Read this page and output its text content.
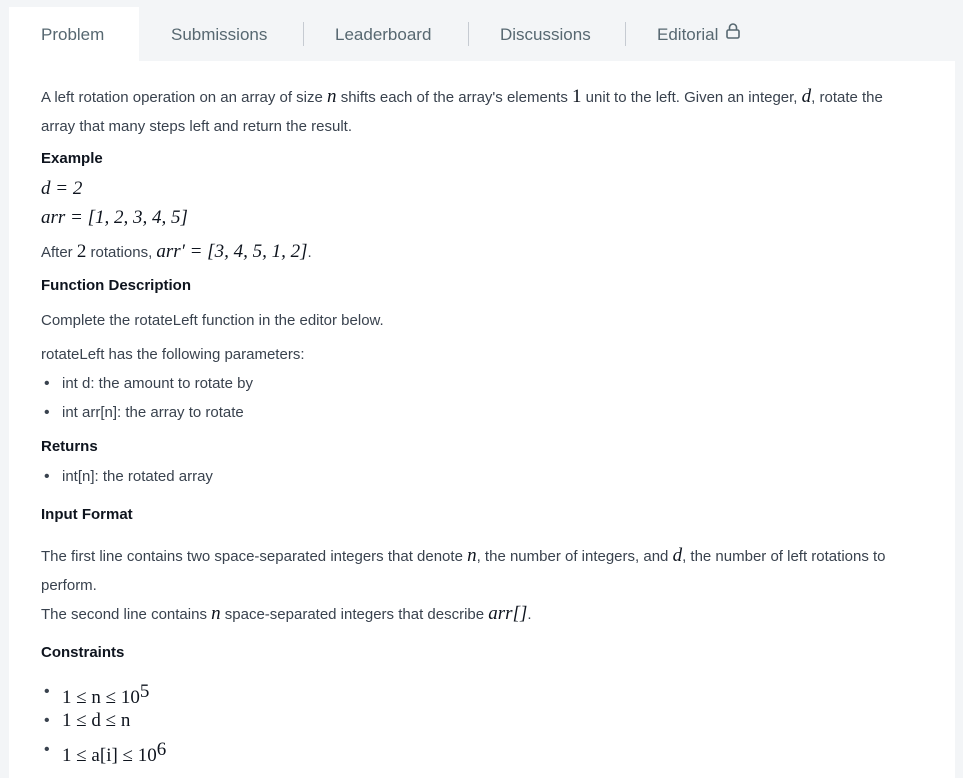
Problem	Submissions	Leaderboard	Discussions	Editorial
A left rotation operation on an array of size n shifts each of the array's elements 1 unit to the left. Given an integer, d, rotate the array that many steps left and return the result.
Example
d = 2
arr = [1, 2, 3, 4, 5]
After 2 rotations, arr′ = [3, 4, 5, 1, 2].
Function Description
Complete the rotateLeft function in the editor below.
rotateLeft has the following parameters:
• int d: the amount to rotate by
• int arr[n]: the array to rotate
Returns
• int[n]: the rotated array
Input Format
The first line contains two space-separated integers that denote n, the number of integers, and d, the number of left rotations to perform.
The second line contains n space-separated integers that describe arr[].
Constraints
• $1 \le n \le 10^5$
• 1 ≤ d ≤ n
• $1 \le a[i] \le 10^6$
